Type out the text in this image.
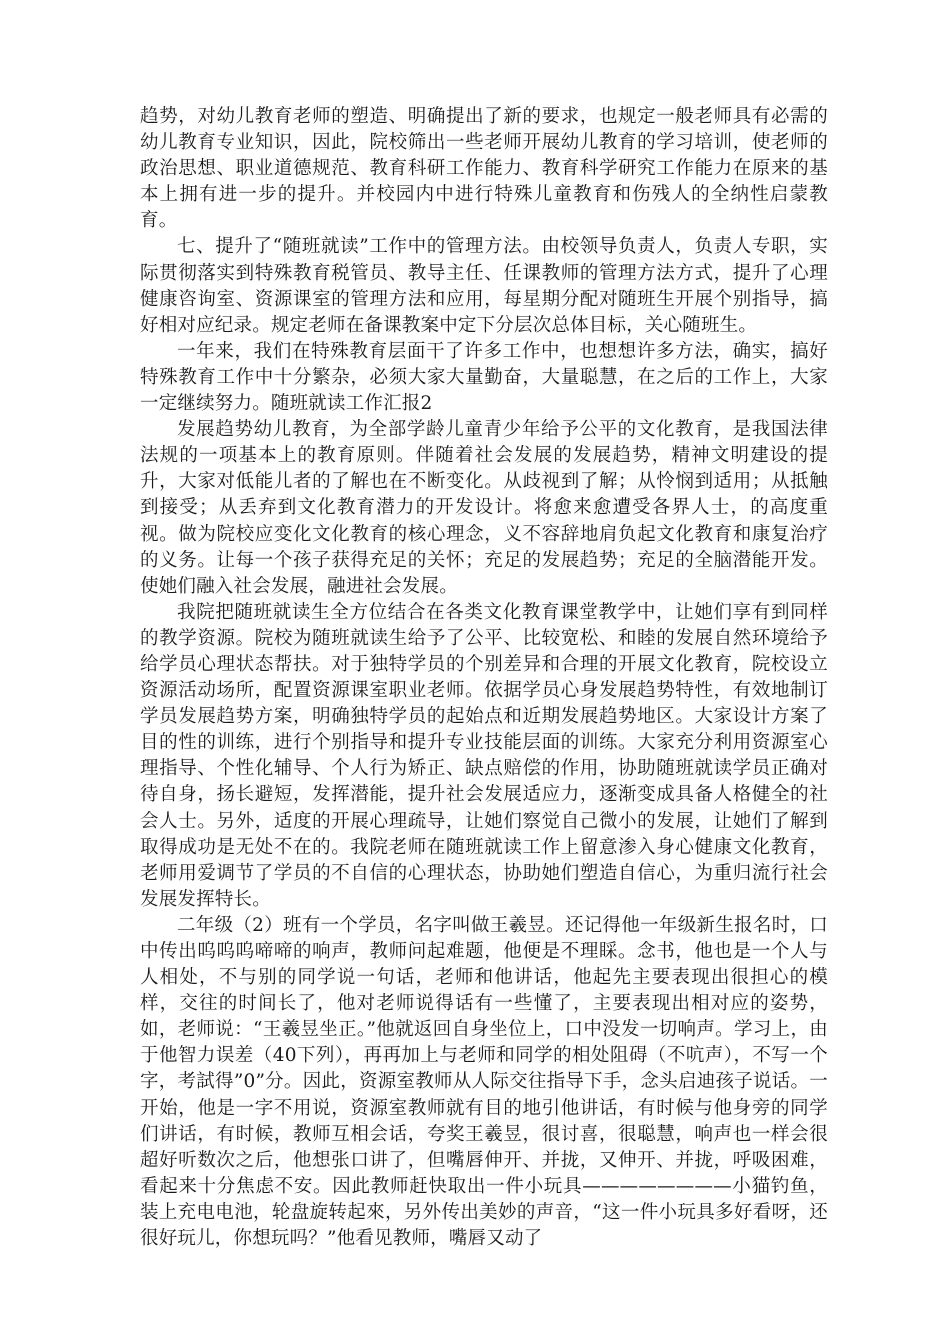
趋势，对幼儿教育老师的塑造、明确提出了新的要求，也规定一般老师具有必需的幼儿教育专业知识，因此，院校筛出一些老师开展幼儿教育的学习培训，使老师的政治思想、职业道德规范、教育科研工作能力、教育科学研究工作能力在原来的基本上拥有进一步的提升。并校园内中进行特殊儿童教育和伤残人的全纳性启蒙教育。

七、提升了“随班就读”工作中的管理方法。由校领导负责人，负责人专职，实际贯彻落实到特殊教育税管员、教导主任、任课教师的管理方法方式，提升了心理健康咨询室、资源课室的管理方法和应用，每星期分配对随班生开展个别指导，搞好相对应纪录。规定老师在备课教案中定下分层次总体目标，关心随班生。

一年来，我们在特殊教育层面干了许多工作中，也想想许多方法，确实，搞好特殊教育工作中十分繁杂，必须大家大量勤奋，大量聪慧，在之后的工作上，大家一定继续努力。随班就读工作汇报2

发展趋势幼儿教育，为全部学龄儿童青少年给予公平的文化教育，是我国法律法规的一项基本上的教育原则。伴随着社会发展的发展趋势，精神文明建设的提升，大家对低能儿者的了解也在不断变化。从歧视到了解；从怜悯到适用；从抵触到接受；从丢弃到文化教育潜力的开发设计。将愈来愈遭受各界人士，的高度重视。做为院校应变化文化教育的核心理念，义不容辞地肩负起文化教育和康复治疗的义务。让每一个孩子获得充足的关怀；充足的发展趋势；充足的全脑潜能开发。使她们融入社会发展，融进社会发展。

我院把随班就读生全方位结合在各类文化教育课堂教学中，让她们享有到同样的教学资源。院校为随班就读生给予了公平、比较宽松、和睦的发展自然环境给予给学员心理状态帮扶。对于独特学员的个别差异和合理的开展文化教育，院校设立资源活动场所，配置资源课室职业老师。依据学员心身发展趋势特性，有效地制订学员发展趋势方案，明确独特学员的起始点和近期发展趋势地区。大家设计方案了目的性的训练，进行个别指导和提升专业技能层面的训练。大家充分利用资源室心理指导、个性化辅导、个人行为矫正、缺点赔偿的作用，协助随班就读学员正确对待自身，扬长避短，发挥潜能，提升社会发展适应力，逐渐变成具备人格健全的社会人士。另外，适度的开展心理疏导，让她们察觉自己微小的发展，让她们了解到取得成功是无处不在的。我院老师在随班就读工作上留意渗入身心健康文化教育，老师用爱调节了学员的不自信的心理状态，协助她们塑造自信心，为重归流行社会发展发挥特长。

二年级（2）班有一个学员，名字叫做王羲昱。还记得他一年级新生报名时，口中传出呜呜呜啼啼的响声，教师问起难题，他便是不理睬。念书，他也是一个人与人相处，不与别的同学说一句话，老师和他讲话，他起先主要表现出很担心的模样，交往的时间长了，他对老师说得话有一些懂了，主要表现出相对应的姿势，如，老师说：“王羲昱坐正。”他就返回自身坐位上，口中没发一切响声。学习上，由于他智力误差（40下列），再再加上与老师和同学的相处阻碍（不吭声），不写一个字，考試得”0”分。因此，资源室教师从人际交往指导下手，念头启迪孩子说话。一开始，他是一字不用说，资源室教师就有目的地引他讲话，有时候与他身旁的同学们讲话，有时候，教师互相会话，夸奖王羲昱，很讨喜，很聪慧，响声也一样会很超好听数次之后，他想张口讲了，但嘴唇伸开、并拢，又伸开、并拢，呼吸困难，看起来十分焦虑不安。因此教师赶快取出一件小玩具————————小猫钓鱼，装上充电电池，轮盘旋转起來，另外传出美妙的声音，“这一件小玩具多好看呀，还很好玩儿，你想玩吗？”他看见教师，嘴唇又动了
